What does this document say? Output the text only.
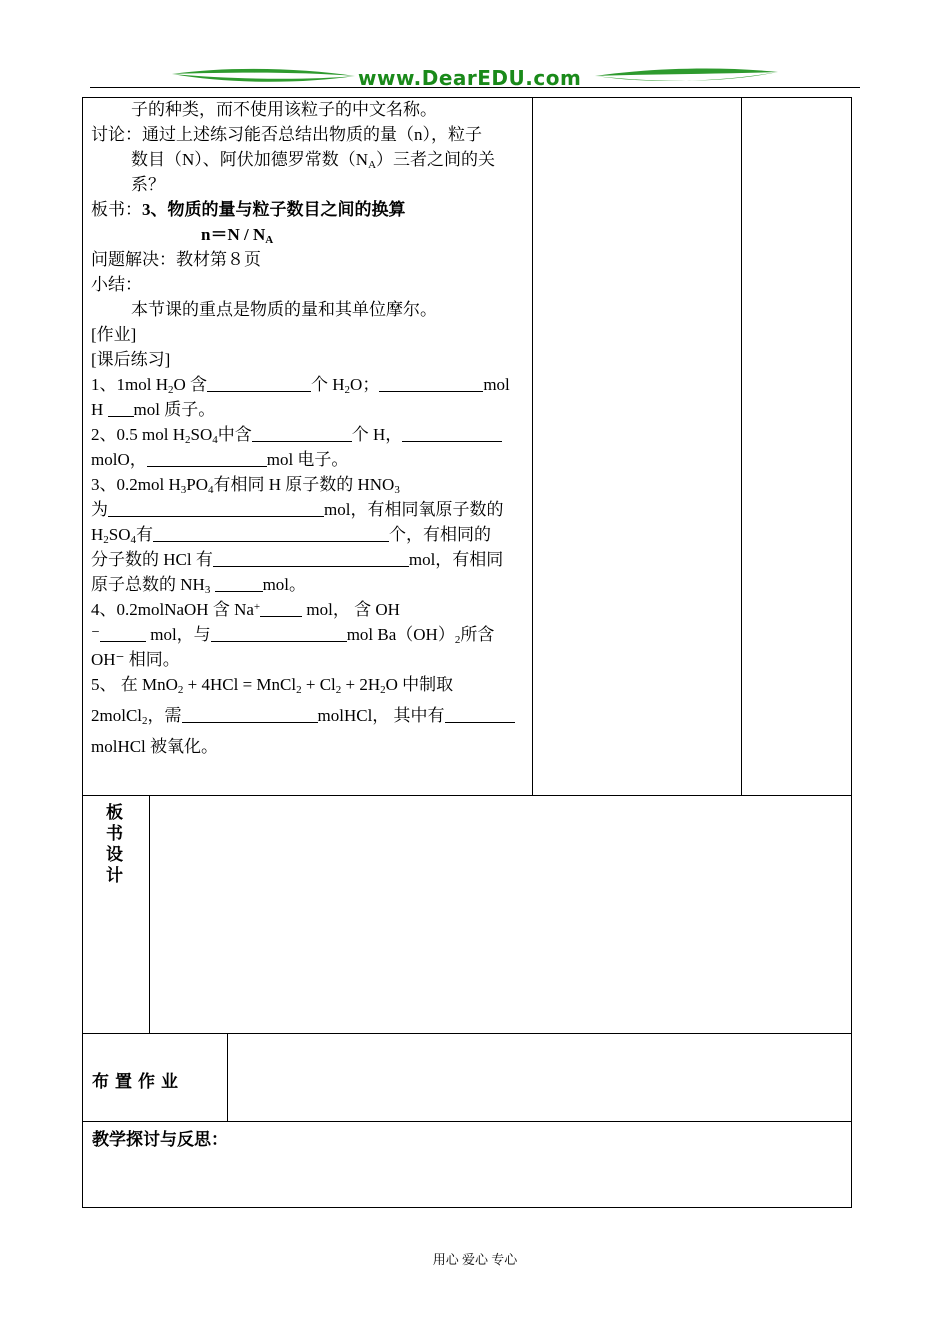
www.DearEDU.com
子的种类，而不使用该粒子的中文名称。
讨论：通过上述练习能否总结出物质的量（n），粒子
数目（N）、阿伏加德罗常数$(N_A)$三者之间的关
系？
板书：3、物质的量与粒子数目之间的换算
$n=N / N_A$
问题解决：教材第８页
小结：
本节课的重点是物质的量和其单位摩尔。
[作业]
[课后练习]
1、1mol $H_2O$ 含	个 $H_2O$；	mol
H mol 质子。
2、0.5 mol $H_2SO_4$中含	个 H，
molO，	mol 电子。
3、0.2mol $H_3PO_4$有相同 H 原子数的 $HNO_3$
为	mol，有相同氧原子数的
$H_2SO_4$有	个，有相同的
分子数的 HCl 有	mol，有相同
原子总数的 $NH_3$	mol。
4、0.2molNaOH 含 Na+ mol， 含 OH
⁻	mol，与	mol $Ba(OH)_2$所含
OH⁻ 相同。
5、 在 MnO$_2$ + 4HCl = MnCl$_2$ + $Cl_2 + 2H_2O$ 中制取
2molCl$_2$，需	molHCl， 其中有
molHCl 被氧化。
板书设计
布置作业
教学探讨与反思：
用心 爱心 专心
